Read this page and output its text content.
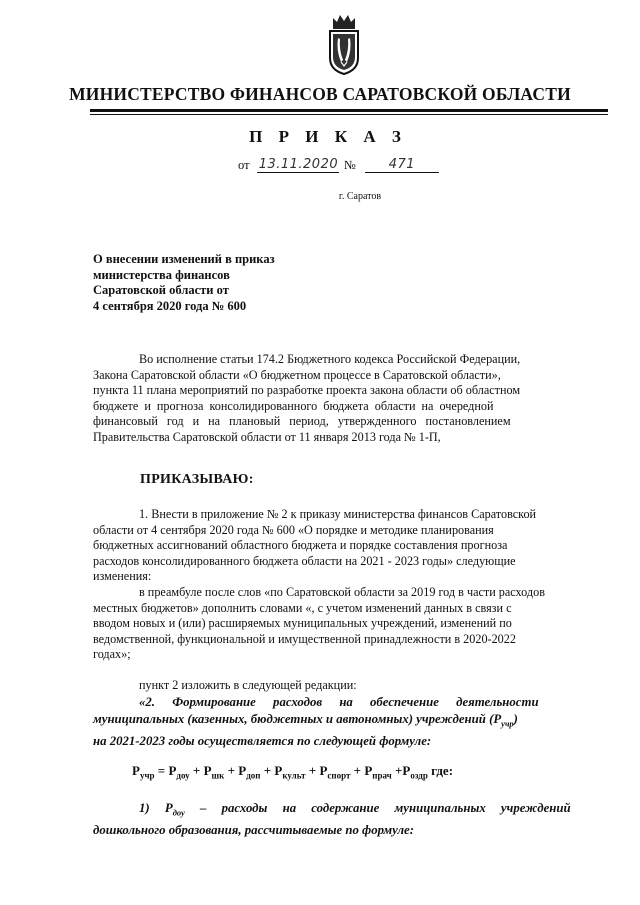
МИНИСТЕРСТВО ФИНАНСОВ САРАТОВСКОЙ ОБЛАСТИ
П Р И К А З
от 13.11.2020 №	471
г. Саратов
О внесении изменений в приказ
министерства финансов
Саратовской области от
4 сентября 2020 года № 600
Во исполнение статьи 174.2 Бюджетного кодекса Российской Федерации,
Закона Саратовской области «О бюджетном процессе в Саратовской области»,
пункта 11 плана мероприятий по разработке проекта закона области об областном
бюджете и прогноза консолидированного бюджета области на очередной
финансовый год и на плановый период, утвержденного постановлением
Правительства Саратовской области от 11 января 2013 года № 1-П,
ПРИКАЗЫВАЮ:
1. Внести в приложение № 2 к приказу министерства финансов Саратовской
области от 4 сентября 2020 года № 600 «О порядке и методике планирования
бюджетных ассигнований областного бюджета и порядке составления прогноза
расходов консолидированного бюджета области на 2021 - 2023 годы» следующие
изменения:
в преамбуле после слов «по Саратовской области за 2019 год в части расходов
местных бюджетов» дополнить словами «, с учетом изменений данных в связи с
вводом новых и (или) расширяемых муниципальных учреждений, изменений по
ведомственной, функциональной и имущественной принадлежности в 2020-2022
годах»;
пункт 2 изложить в следующей редакции:
«2. Формирование расходов на обеспечение деятельности
муниципальных (казенных, бюджетных и автономных) учреждений $(Р_{учр})$
на 2021-2023 годы осуществляется по следующей формуле:
$Р_{учр} = Р_{доу} + Р_{шк} + Р_{доп} + Р_{культ} + Р_{спорт} + Р_{прач} +Р_{оздр}$ где:
1) $Р_{доу}$ – расходы на содержание муниципальных учреждений
дошкольного образования, рассчитываемые по формуле:
